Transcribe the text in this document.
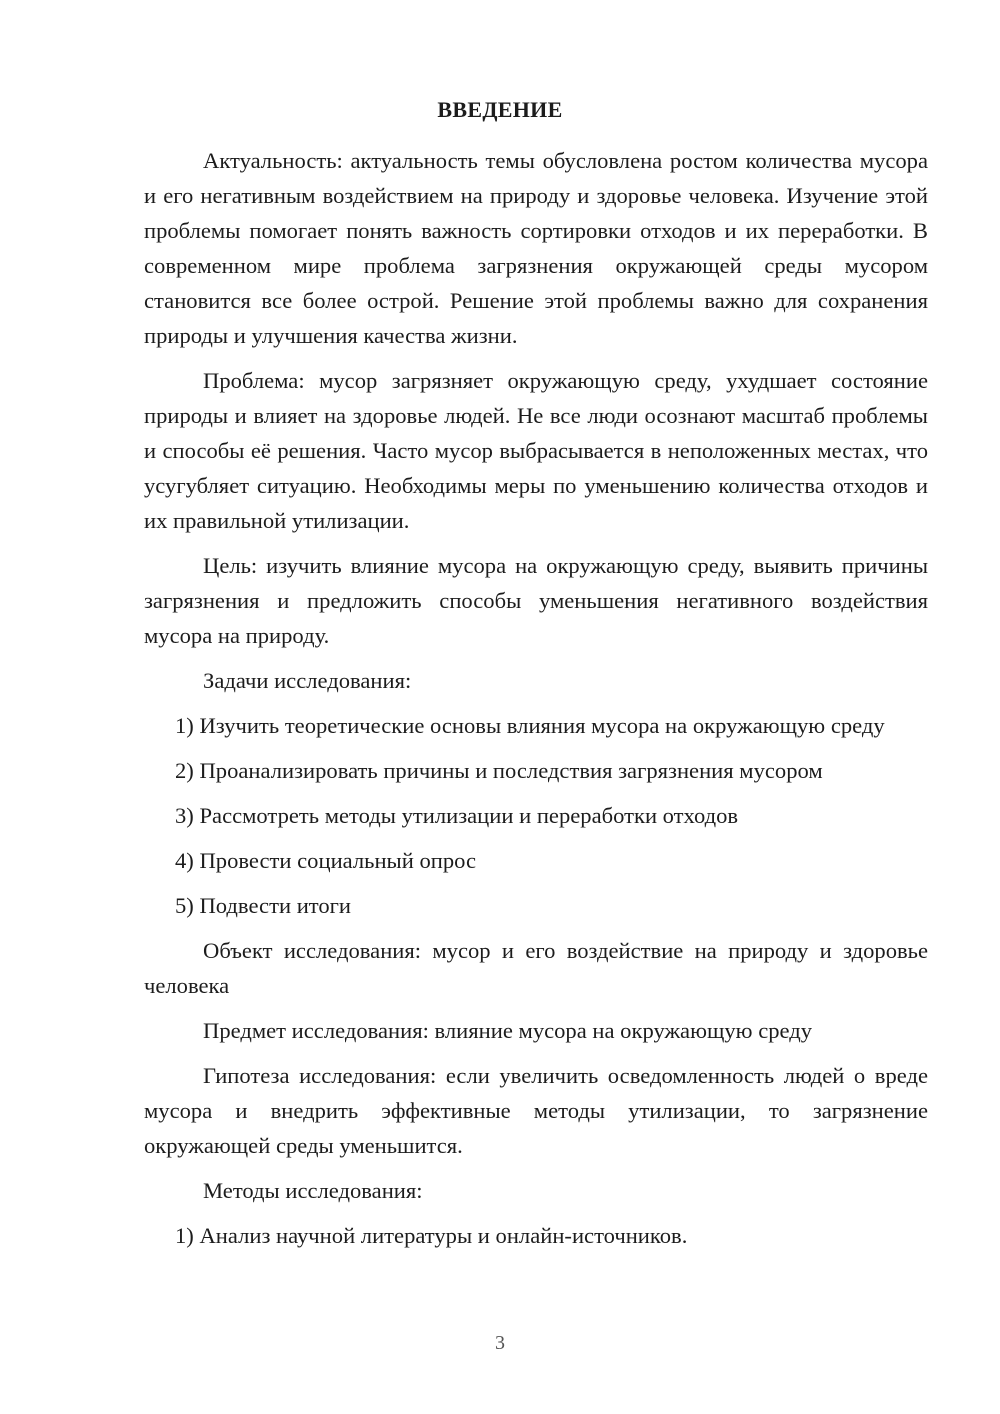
ВВЕДЕНИЕ

Актуальность: актуальность темы обусловлена ростом количества мусора и его негативным воздействием на природу и здоровье человека. Изучение этой проблемы помогает понять важность сортировки отходов и их переработки. В современном мире проблема загрязнения окружающей среды мусором становится все более острой. Решение этой проблемы важно для сохранения природы и улучшения качества жизни.

Проблема: мусор загрязняет окружающую среду, ухудшает состояние природы и влияет на здоровье людей. Не все люди осознают масштаб проблемы и способы её решения. Часто мусор выбрасывается в неположенных местах, что усугубляет ситуацию. Необходимы меры по уменьшению количества отходов и их правильной утилизации.

Цель: изучить влияние мусора на окружающую среду, выявить причины загрязнения и предложить способы уменьшения негативного воздействия мусора на природу.

Задачи исследования:

1) Изучить теоретические основы влияния мусора на окружающую среду

2) Проанализировать причины и последствия загрязнения мусором

3) Рассмотреть методы утилизации и переработки отходов

4) Провести социальный опрос

5) Подвести итоги

Объект исследования: мусор и его воздействие на природу и здоровье человека

Предмет исследования: влияние мусора на окружающую среду

Гипотеза исследования: если увеличить осведомленность людей о вреде мусора и внедрить эффективные методы утилизации, то загрязнение окружающей среды уменьшится.

Методы исследования:

1) Анализ научной литературы и онлайн-источников.

3
